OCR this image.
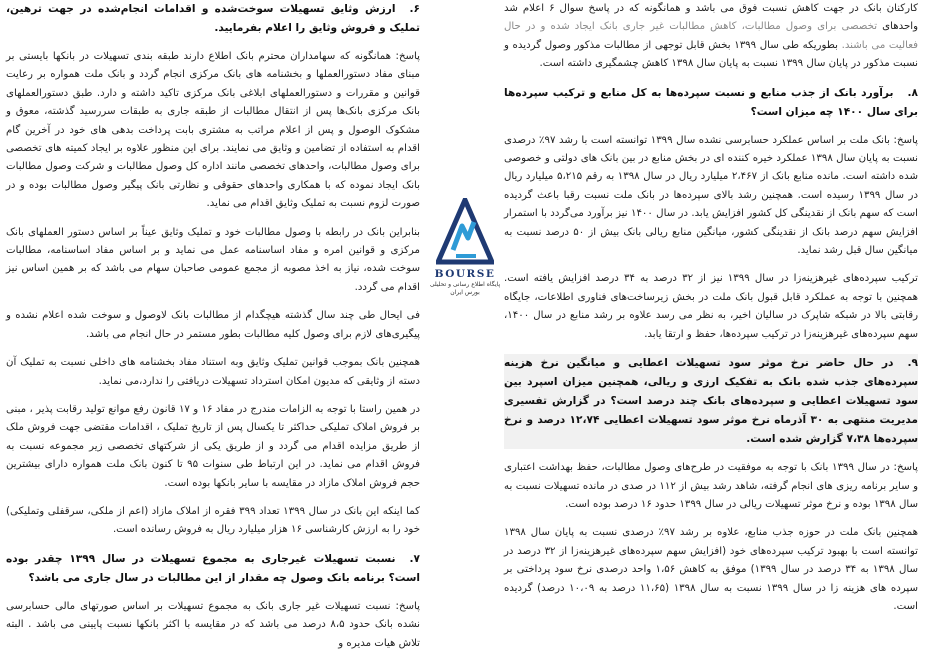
کارکنان بانک در جهت کاهش نسبت فوق می باشد و همانگونه که در پاسخ سوال ۶ اعلام شد واحدهای تخصصی برای وصول مطالبات، کاهش مطالبات غیر جاری بانک ایجاد شده و در حال فعالیت می باشند. بطوریکه طی سال ۱۳۹۹ بخش قابل توجهی از مطالبات مذکور وصول گردیده و نسبت مذکور در پایان سال ۱۳۹۹ نسبت به پایان سال ۱۳۹۸ کاهش چشمگیری داشته است.

۸.برآورد بانک از جذب منابع و نسبت سپرده‌ها به کل منابع و ترکیب سپرده‌ها برای سال ۱۴۰۰ چه میزان است؟

پاسخ: بانک ملت بر اساس عملکرد حسابرسی نشده سال ۱۳۹۹ توانسته است با رشد ۹۷٪ درصدی نسبت به پایان سال ۱۳۹۸ عملکرد خیره کننده ای در بخش منابع در بین بانک های دولتی و خصوصی شده داشته است. مانده منابع بانک از ۲،۴۶۷ میلیارد ریال در سال ۱۳۹۸ به رقم ۵،۲۱۵ میلیارد ریال در سال ۱۳۹۹ رسیده است. همچنین رشد بالای سپرده‌ها در بانک ملت نسبت رقبا باعث گردیده است که سهم بانک از نقدینگی کل کشور افزایش یابد. در سال ۱۴۰۰ نیز برآورد می‌گردد با استمرار افزایش سهم درصد بانک از نقدینگی کشور، میانگین منابع ریالی بانک بیش از ۵۰ درصد نسبت به میانگین سال قبل رشد نماید.

ترکیب سپرده‌های غیرهزینه‌زا در سال ۱۳۹۹ نیز از ۳۲ درصد به ۳۴ درصد افزایش یافته است. همچنین با توجه به عملکرد قابل قبول بانک ملت در بخش زیرساخت‌های فناوری اطلاعات، جایگاه رقابتی بالا در شبکه شاپرک در سالیان اخیر، به نظر می رسد علاوه بر رشد منابع در سال ۱۴۰۰، سهم سپرده‌های غیرهزینه‌زا در ترکیب سپرده‌ها، حفظ و ارتقا یابد.

۹.در حال حاضر نرخ موثر سود تسهیلات اعطایی و میانگین نرخ هزینه سپرده‌های جذب شده بانک به تفکیک ارزی و ریالی، همچنین میزان اسپرد بین سود تسهیلات اعطایی و سپرده‌های بانک چند درصد است؟ در گزارش تفسیری مدیریت منتهی به ۳۰ آذرماه نرخ موثر سود تسهیلات اعطایی ۱۲،۷۴ درصد و نرخ سپرده‌ها ۷،۳۸ گزارش شده است.

پاسخ: در سال ۱۳۹۹ بانک با توجه به موفقیت در طرح‌های وصول مطالبات، حفظ بهداشت اعتباری و سایر برنامه ریزی های انجام گرفته، شاهد رشد بیش از ۱۱۲ در صدی در مانده تسهیلات نسبت به سال ۱۳۹۸ بوده و نرخ موثر تسهیلات ریالی در سال ۱۳۹۹ حدود ۱۶ درصد بوده است.

همچنین بانک ملت در حوزه جذب منابع، علاوه بر رشد ۹۷٪ درصدی نسبت به پایان سال ۱۳۹۸ توانسته است با بهبود ترکیب سپرده‌های خود (افزایش سهم سپرده‌های غیرهزینه‌زا از ۳۲ درصد در سال ۱۳۹۸ به ۳۴ درصد در سال ۱۳۹۹) موفق به کاهش ۱،۵۶ واحد درصدی نرخ سود پرداختی بر سپرده های هزینه زا در سال ۱۳۹۹ نسبت به سال ۱۳۹۸ (۱۱،۶۵ درصد به ۱۰،۰۹ درصد) گردیده است.

BOURSE
پایگاه اطلاع رسانی و تحلیلی بورس ایران
۶.ارزش وثایق تسهیلات سوخت‌شده و اقدامات انجام‌شده در جهت ترهین، تملیک و فروش وثایق را اعلام بفرمایید.

پاسخ: همانگونه که سهامداران محترم بانک اطلاع دارند طبقه بندی تسهیلات در بانکها بایستی بر مبنای مفاد دستورالعملها و بخشنامه های بانک مرکزی انجام گردد و بانک ملت همواره بر رعایت قوانین و مقررات و دستورالعملهای ابلاغی بانک مرکزی تاکید داشته و دارد. طبق دستورالعملهای بانک مرکزی بانک‌ها پس از انتقال مطالبات از طبقه جاری به طبقات سررسید گذشته، معوق و مشکوک الوصول و پس از اعلام مراتب به مشتری بابت پرداخت بدهی های خود در آخرین گام اقدام به استفاده از تضامین و وثایق می نمایند. برای این منظور علاوه بر ایجاد کمیته های تخصصی برای وصول مطالبات، واحدهای تخصصی مانند اداره کل وصول مطالبات و شرکت وصول مطالبات بانک ایجاد نموده که با همکاری واحدهای حقوقی و نظارتی بانک پیگیر وصول مطالبات بوده و در صورت لزوم نسبت به تملیک وثایق اقدام می نماید.

بنابراین بانک در رابطه با وصول مطالبات خود و تملیک وثایق عیناً بر اساس دستور العملهای بانک مرکزی و قوانین امره و مفاد اساسنامه عمل می نماید و بر اساس مفاد اساسنامه، مطالبات سوخت شده، نیاز به اخذ مصوبه از مجمع عمومی صاحبان سهام می باشد که بر همین اساس نیز اقدام می گردد.

فی ایحال طی چند سال گذشته هیچگدام از مطالبات بانک لاوصول و سوخت شده اعلام نشده و پیگیری‌های لازم برای وصول کلیه مطالبات بطور مستمر در حال انجام می باشد.

همچنین بانک بموجب قوانین تملیک وثایق وبه استناد مفاد بخشنامه های داخلی نسبت به تملیک آن دسته از وثایقی که مدیون امکان استرداد تسهیلات دریافتی را ندارد،می نماید.

در همین راستا با توجه به الزامات مندرج در مفاد ۱۶ و ۱۷ قانون رفع موانع تولید رقابت پذیر ، مبنی بر فروش املاک تملیکی حداکثر تا یکسال پس از تاریخ تملیک ، اقدامات مقتضی جهت فروش ملک از طریق مزایده اقدام می گردد و از طریق یکی از شرکتهای تخصصی زیر مجموعه نسبت به فروش اقدام می نماید. در این ارتباط طی سنوات ۹۵ تا کنون بانک ملت همواره دارای بیشترین حجم فروش املاک مازاد در مقایسه با سایر بانکها بوده است.

کما اینکه این بانک در سال ۱۳۹۹ تعداد ۳۹۹ فقره از املاک مازاد (اعم از ملکی، سرقفلی وتملیکی) خود را به ارزش کارشناسی ۱۶ هزار میلیارد ریال به فروش رسانده است.

۷.نسبت تسهیلات غیرجاری به مجموع تسهیلات در سال ۱۳۹۹ چقدر بوده است؟ برنامه بانک وصول چه مقدار از این مطالبات در سال جاری می باشد؟

پاسخ: نسبت تسهیلات غیر جاری بانک به مجموع تسهیلات بر اساس صورتهای مالی حسابرسی نشده بانک حدود ۸،۵ درصد می باشد که در مقایسه با اکثر بانکها نسبت پایینی می باشد . البته تلاش هیات مدیره و
